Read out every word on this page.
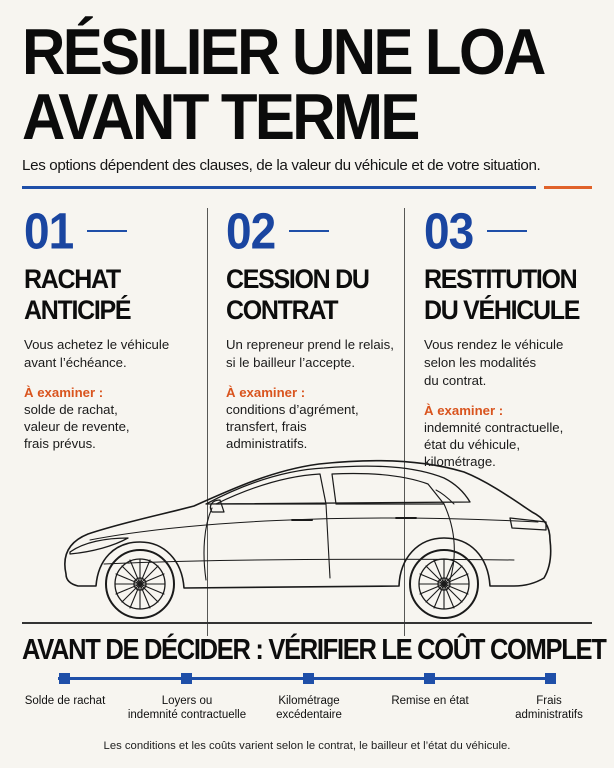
RÉSILIER UNE LOA
AVANT TERME
Les options dépendent des clauses, de la valeur du véhicule et de votre situation.
01
RACHAT
ANTICIPÉ
Vous achetez le véhicule
avant l’échéance.
À examiner :
solde de rachat,
valeur de revente,
frais prévus.
02
CESSION DU
CONTRAT
Un repreneur prend le relais,
si le bailleur l’accepte.
À examiner :
conditions d’agrément,
transfert, frais
administratifs.
03
RESTITUTION
DU VÉHICULE
Vous rendez le véhicule
selon les modalités
du contrat.
À examiner :
indemnité contractuelle,
état du véhicule,
kilométrage.
AVANT DE DÉCIDER : VÉRIFIER LE COÛT COMPLET
Solde de rachat	Loyers ou
indemnité contractuelle
Kilométrage
excédentaire
Remise en état	Frais
administratifs
Les conditions et les coûts varient selon le contrat, le bailleur et l’état du véhicule.
